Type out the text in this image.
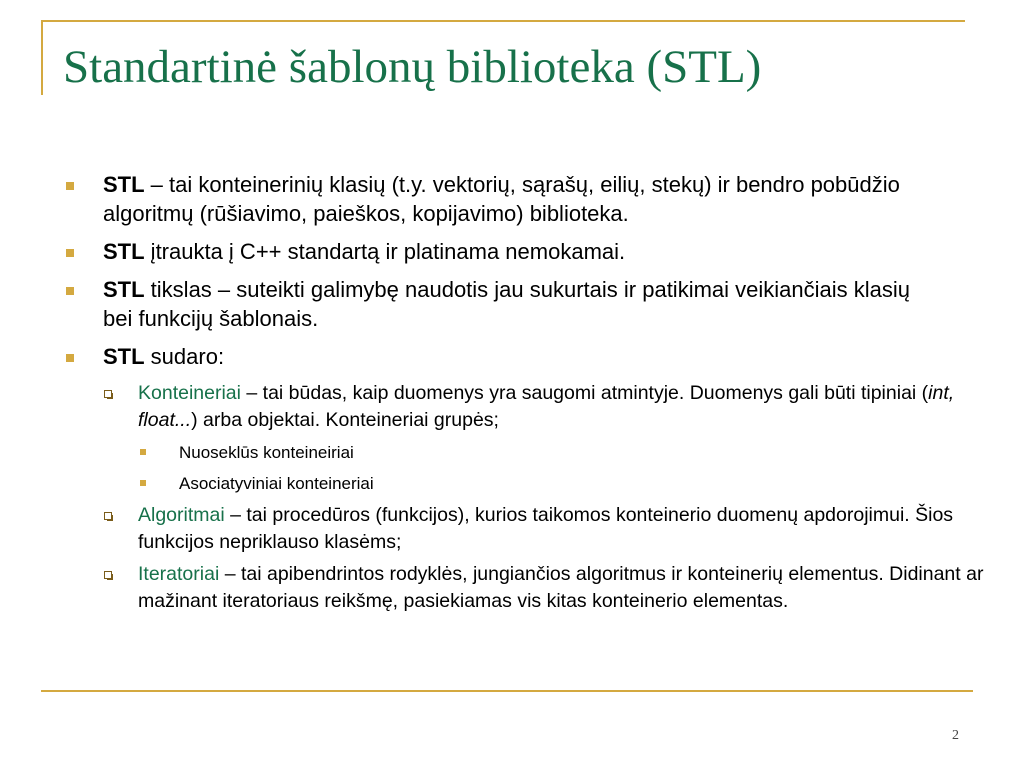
Standartinė šablonų biblioteka (STL)
STL – tai konteinerinių klasių (t.y. vektorių, sąrašų, eilių, stekų) ir bendro pobūdžio algoritmų (rūšiavimo, paieškos, kopijavimo) biblioteka.
STL įtraukta į C++ standartą ir platinama nemokamai.
STL tikslas – suteikti galimybę naudotis jau sukurtais ir patikimai veikiančiais klasių bei funkcijų šablonais.
STL sudaro:
Konteineriai – tai būdas, kaip duomenys yra saugomi atmintyje. Duomenys gali būti tipiniai (int, float...) arba objektai. Konteineriai grupės;
Nuoseklūs konteineiriai
Asociatyviniai konteineriai
Algoritmai – tai procedūros (funkcijos), kurios taikomos konteinerio duomenų apdorojimui. Šios funkcijos nepriklauso klasėms;
Iteratoriai – tai apibendrintos rodyklės, jungiančios algoritmus ir konteinerių elementus. Didinant ar mažinant iteratoriaus reikšmę, pasiekiamas vis kitas konteinerio elementas.
2
